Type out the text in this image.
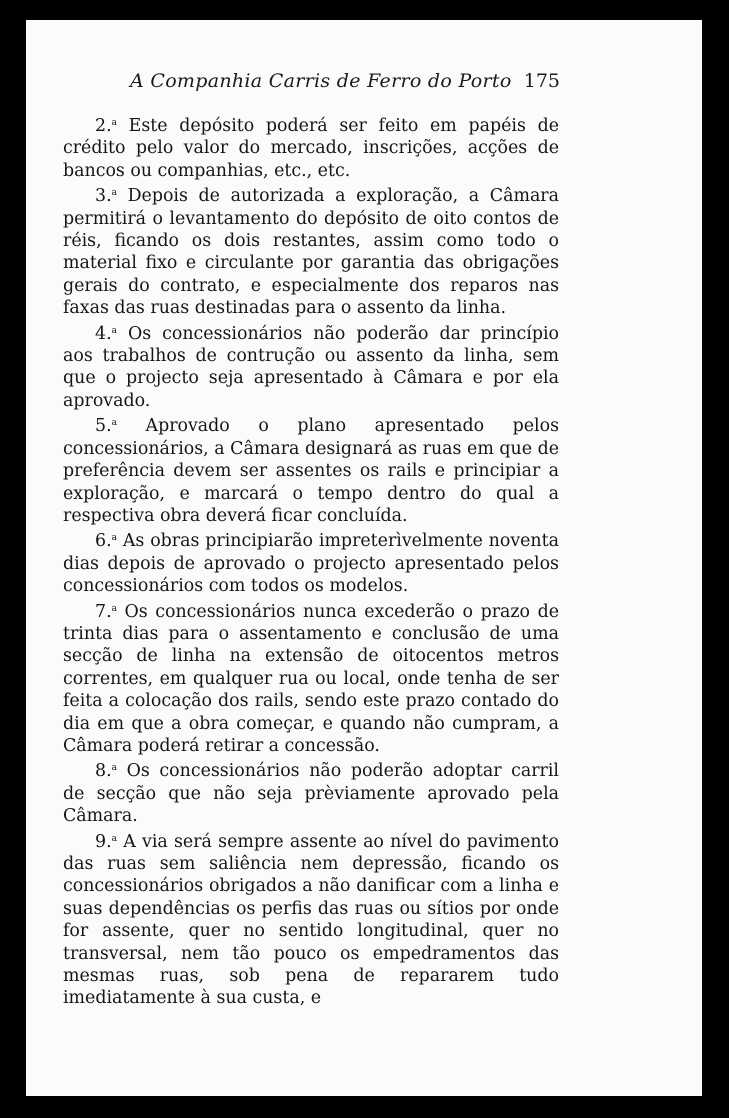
A Companhia Carris de Ferro do Porto 175

2.$^a$ Este depósito poderá ser feito em papéis de crédito pelo valor do mercado, inscrições, acções de bancos ou companhias, etc., etc.

3.$^a$ Depois de autorizada a exploração, a Câmara permitirá o levantamento do depósito de oito contos de réis, ficando os dois restantes, assim como todo o material fixo e circulante por garantia das obrigações gerais do contrato, e especialmente dos reparos nas faxas das ruas destinadas para o assento da linha.

4.$^a$ Os concessionários não poderão dar princípio aos trabalhos de contrução ou assento da linha, sem que o projecto seja apresentado à Câmara e por ela aprovado.

5.$^a$ Aprovado o plano apresentado pelos concessionários, a Câmara designará as ruas em que de preferência devem ser assentes os rails e principiar a exploração, e marcará o tempo dentro do qual a respectiva obra deverá ficar concluída.

6.$^a$ As obras principiarão impreterìvelmente noventa dias depois de aprovado o projecto apresentado pelos concessionários com todos os modelos.

7.$^a$ Os concessionários nunca excederão o prazo de trinta dias para o assentamento e conclusão de uma secção de linha na extensão de oitocentos metros correntes, em qualquer rua ou local, onde tenha de ser feita a colocação dos rails, sendo este prazo contado do dia em que a obra começar, e quando não cumpram, a Câmara poderá retirar a concessão.

8.$^a$ Os concessionários não poderão adoptar carril de secção que não seja prèviamente aprovado pela Câmara.

9.$^a$ A via será sempre assente ao nível do pavimento das ruas sem saliência nem depressão, ficando os concessionários obrigados a não danificar com a linha e suas dependências os perfis das ruas ou sítios por onde for assente, quer no sentido longitudinal, quer no transversal, nem tão pouco os empedramentos das mesmas ruas, sob pena de repararem tudo imediatamente à sua custa, e
